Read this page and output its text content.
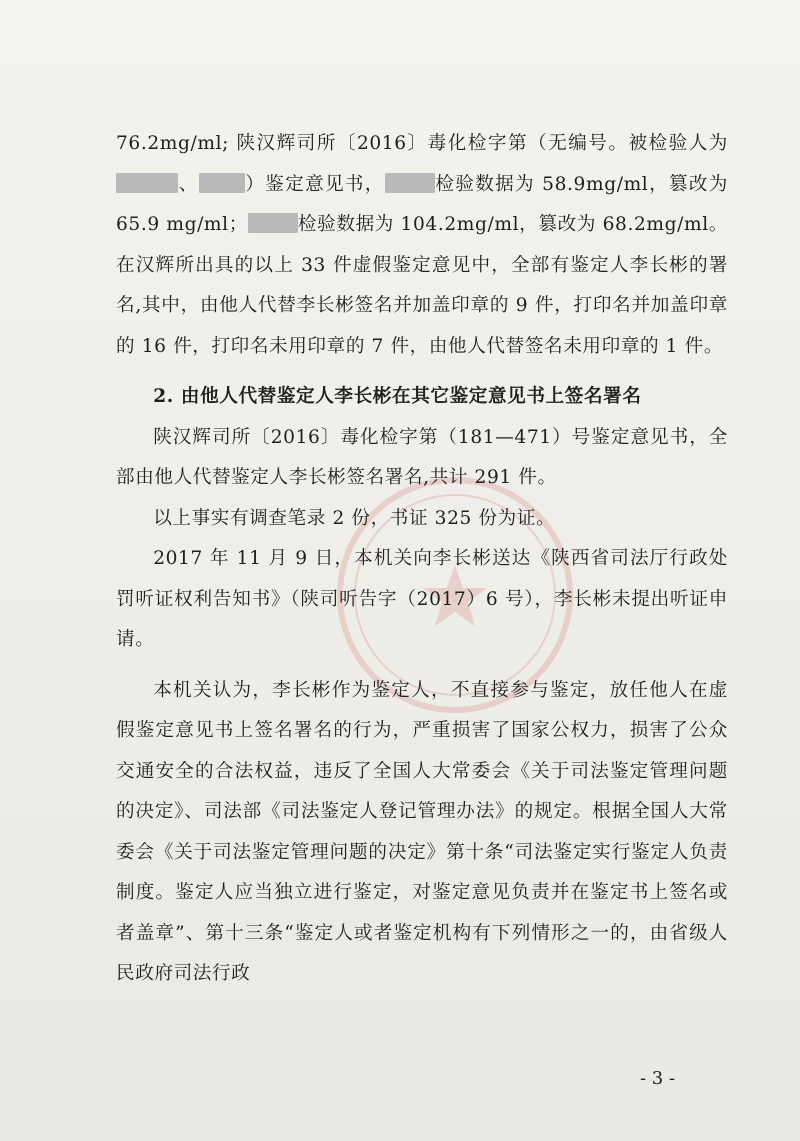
76.2mg/ml; 陕汉辉司所〔2016〕毒化检字第（无编号。被检验人为、 ）鉴定意见书，	检验数据为 58.9mg/ml，篡改为 65.9 mg/ml；	检验数据为 104.2mg/ml，篡改为 68.2mg/ml。在汉辉所出具的以上 33 件虚假鉴定意见中，全部有鉴定人李长彬的署名,其中，由他人代替李长彬签名并加盖印章的 9 件，打印名并加盖印章的 16 件，打印名未用印章的 7 件，由他人代替签名未用印章的 1 件。

2. 由他人代替鉴定人李长彬在其它鉴定意见书上签名署名

陕汉辉司所〔2016〕毒化检字第（181—471）号鉴定意见书，全部由他人代替鉴定人李长彬签名署名,共计 291 件。

以上事实有调查笔录 2 份，书证 325 份为证。

2017 年 11 月 9 日，本机关向李长彬送达《陕西省司法厅行政处罚听证权利告知书》（陕司听告字（2017）6 号），李长彬未提出听证申请。

本机关认为，李长彬作为鉴定人，不直接参与鉴定，放任他人在虚假鉴定意见书上签名署名的行为，严重损害了国家公权力，损害了公众交通安全的合法权益，违反了全国人大常委会《关于司法鉴定管理问题的决定》、司法部《司法鉴定人登记管理办法》的规定。根据全国人大常委会《关于司法鉴定管理问题的决定》第十条“司法鉴定实行鉴定人负责制度。鉴定人应当独立进行鉴定，对鉴定意见负责并在鉴定书上签名或者盖章”、第十三条“鉴定人或者鉴定机构有下列情形之一的，由省级人民政府司法行政

- 3 -
